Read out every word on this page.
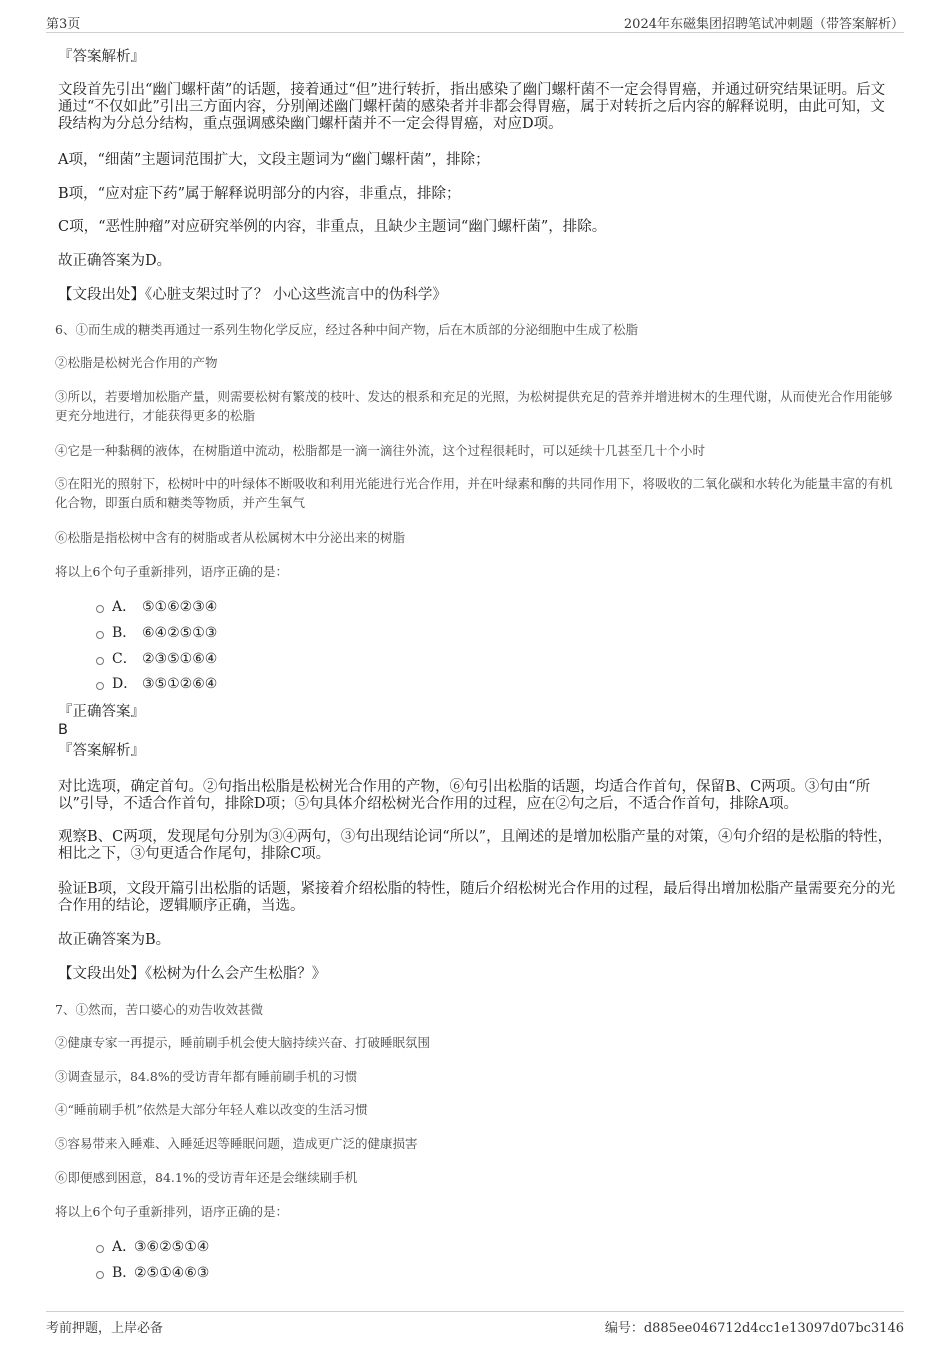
第3页	2024年东磁集团招聘笔试冲刺题（带答案解析）
『答案解析』
文段首先引出“幽门螺杆菌”的话题，接着通过“但”进行转折，指出感染了幽门螺杆菌不一定会得胃癌，并通过研究结果证明。后文通过“不仅如此”引出三方面内容，分别阐述幽门螺杆菌的感染者并非都会得胃癌，属于对转折之后内容的解释说明，由此可知，文段结构为分总分结构，重点强调感染幽门螺杆菌并不一定会得胃癌，对应D项。
A项，“细菌”主题词范围扩大，文段主题词为“幽门螺杆菌”，排除；
B项，“应对症下药”属于解释说明部分的内容，非重点，排除；
C项，“恶性肿瘤”对应研究举例的内容，非重点，且缺少主题词“幽门螺杆菌”，排除。
故正确答案为D。
【文段出处】《心脏支架过时了？ 小心这些流言中的伪科学》
6、①而生成的糖类再通过一系列生物化学反应，经过各种中间产物，后在木质部的分泌细胞中生成了松脂
②松脂是松树光合作用的产物
③所以，若要增加松脂产量，则需要松树有繁茂的枝叶、发达的根系和充足的光照，为松树提供充足的营养并增进树木的生理代谢，从而使光合作用能够更充分地进行，才能获得更多的松脂
④它是一种黏稠的液体，在树脂道中流动，松脂都是一滴一滴往外流，这个过程很耗时，可以延续十几甚至几十个小时
⑤在阳光的照射下，松树叶中的叶绿体不断吸收和利用光能进行光合作用，并在叶绿素和酶的共同作用下，将吸收的二氧化碳和水转化为能量丰富的有机化合物，即蛋白质和糖类等物质，并产生氧气
⑥松脂是指松树中含有的树脂或者从松属树木中分泌出来的树脂
将以上6个句子重新排列，语序正确的是：
A． ⑤①⑥②③④
B． ⑥④②⑤①③
C． ②③⑤①⑥④
D． ③⑤①②⑥④
『正确答案』
B
『答案解析』
对比选项，确定首句。②句指出松脂是松树光合作用的产物，⑥句引出松脂的话题，均适合作首句，保留B、C两项。③句由“所以”引导，不适合作首句，排除D项；⑤句具体介绍松树光合作用的过程，应在②句之后，不适合作首句，排除A项。
观察B、C两项，发现尾句分别为③④两句，③句出现结论词“所以”，且阐述的是增加松脂产量的对策，④句介绍的是松脂的特性，相比之下，③句更适合作尾句，排除C项。
验证B项，文段开篇引出松脂的话题，紧接着介绍松脂的特性，随后介绍松树光合作用的过程，最后得出增加松脂产量需要充分的光合作用的结论，逻辑顺序正确，当选。
故正确答案为B。
【文段出处】《松树为什么会产生松脂？》
7、①然而，苦口婆心的劝告收效甚微
②健康专家一再提示，睡前刷手机会使大脑持续兴奋、打破睡眠氛围
③调查显示，84.8%的受访青年都有睡前刷手机的习惯
④“睡前刷手机”依然是大部分年轻人难以改变的生活习惯
⑤容易带来入睡难、入睡延迟等睡眠问题，造成更广泛的健康损害
⑥即便感到困意，84.1%的受访青年还是会继续刷手机
将以上6个句子重新排列，语序正确的是：
A．
③⑥②⑤①④
B．
②⑤①④⑥③
考前押题，上岸必备	编号：d885ee046712d4cc1e13097d07bc3146
